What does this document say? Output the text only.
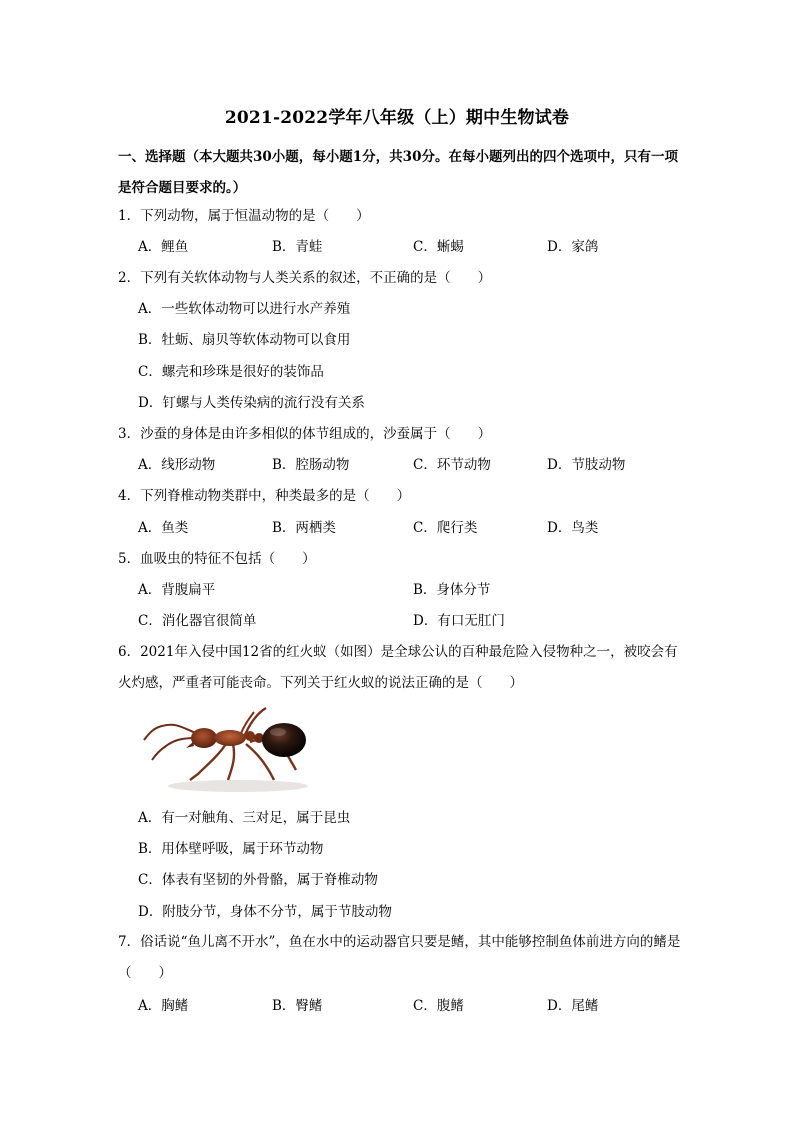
2021-2022学年八年级（上）期中生物试卷
一、选择题（本大题共30小题，每小题1分，共30分。在每小题列出的四个选项中，只有一项是符合题目要求的。）
1．下列动物，属于恒温动物的是（　　）
A．鲤鱼	B．青蛙	C．蜥蜴	D．家鸽
2．下列有关软体动物与人类关系的叙述，不正确的是（　　）
A．一些软体动物可以进行水产养殖
B．牡蛎、扇贝等软体动物可以食用
C．螺壳和珍珠是很好的装饰品
D．钉螺与人类传染病的流行没有关系
3．沙蚕的身体是由许多相似的体节组成的，沙蚕属于（　　）
A．线形动物	B．腔肠动物	C．环节动物	D．节肢动物
4．下列脊椎动物类群中，种类最多的是（　　）
A．鱼类	B．两栖类	C．爬行类	D．鸟类
5．血吸虫的特征不包括（　　）
A．背腹扁平	B．身体分节
C．消化器官很简单	D．有口无肛门
6．2021年入侵中国12省的红火蚁（如图）是全球公认的百种最危险入侵物种之一，被咬会有火灼感，严重者可能丧命。下列关于红火蚁的说法正确的是（　　）
A．有一对触角、三对足，属于昆虫
B．用体壁呼吸，属于环节动物
C．体表有坚韧的外骨骼，属于脊椎动物
D．附肢分节，身体不分节，属于节肢动物
7．俗话说“鱼儿离不开水”，鱼在水中的运动器官只要是鳍，其中能够控制鱼体前进方向的鳍是（　　）
A．胸鳍	B．臀鳍	C．腹鳍	D．尾鳍
